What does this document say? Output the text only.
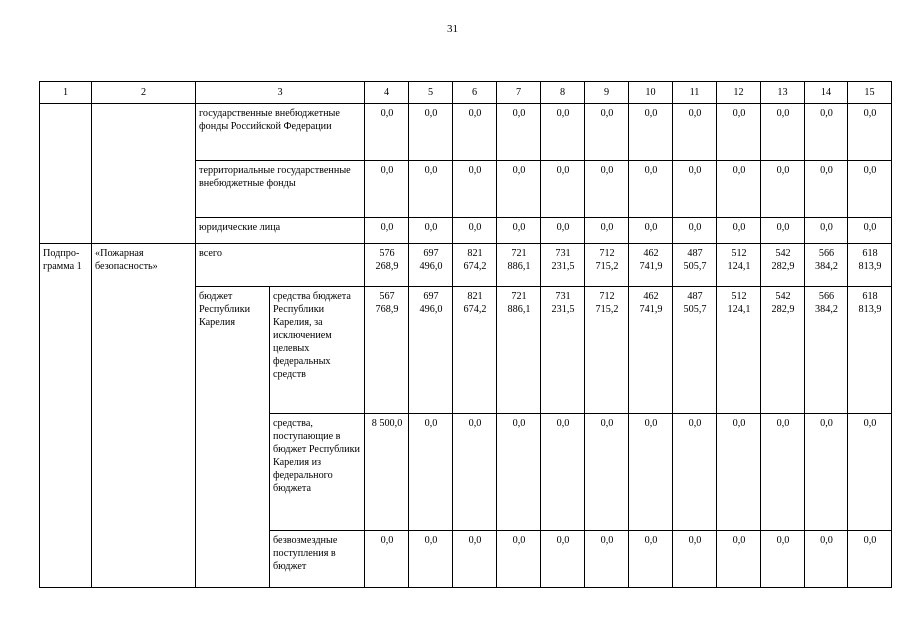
31
1	2	3		4	5	6	7	8	9	10	11	12	13	14	15
		государственные внебюджетные фонды Российской Федерации		0,0	0,0	0,0	0,0	0,0	0,0	0,0	0,0	0,0	0,0	0,0	0,0
		территориальные государственные внебюджетные фонды		0,0	0,0	0,0	0,0	0,0	0,0	0,0	0,0	0,0	0,0	0,0	0,0
		юридические лица		0,0	0,0	0,0	0,0	0,0	0,0	0,0	0,0	0,0	0,0	0,0	0,0
Подпро-грамма 1	«Пожарная безопасность»	всего		576 268,9	697 496,0	821 674,2	721 886,1	731 231,5	712 715,2	462 741,9	487 505,7	512 124,1	542 282,9	566 384,2	618 813,9
		бюджет Республики Карелия	средства бюджета Республики Карелия, за исключением целевых федеральных средств	567 768,9	697 496,0	821 674,2	721 886,1	731 231,5	712 715,2	462 741,9	487 505,7	512 124,1	542 282,9	566 384,2	618 813,9
			средства, поступающие в бюджет Республики Карелия из федерального бюджета	8 500,0	0,0	0,0	0,0	0,0	0,0	0,0	0,0	0,0	0,0	0,0	0,0
			безвозмездные поступления в бюджет	0,0	0,0	0,0	0,0	0,0	0,0	0,0	0,0	0,0	0,0	0,0	0,0
